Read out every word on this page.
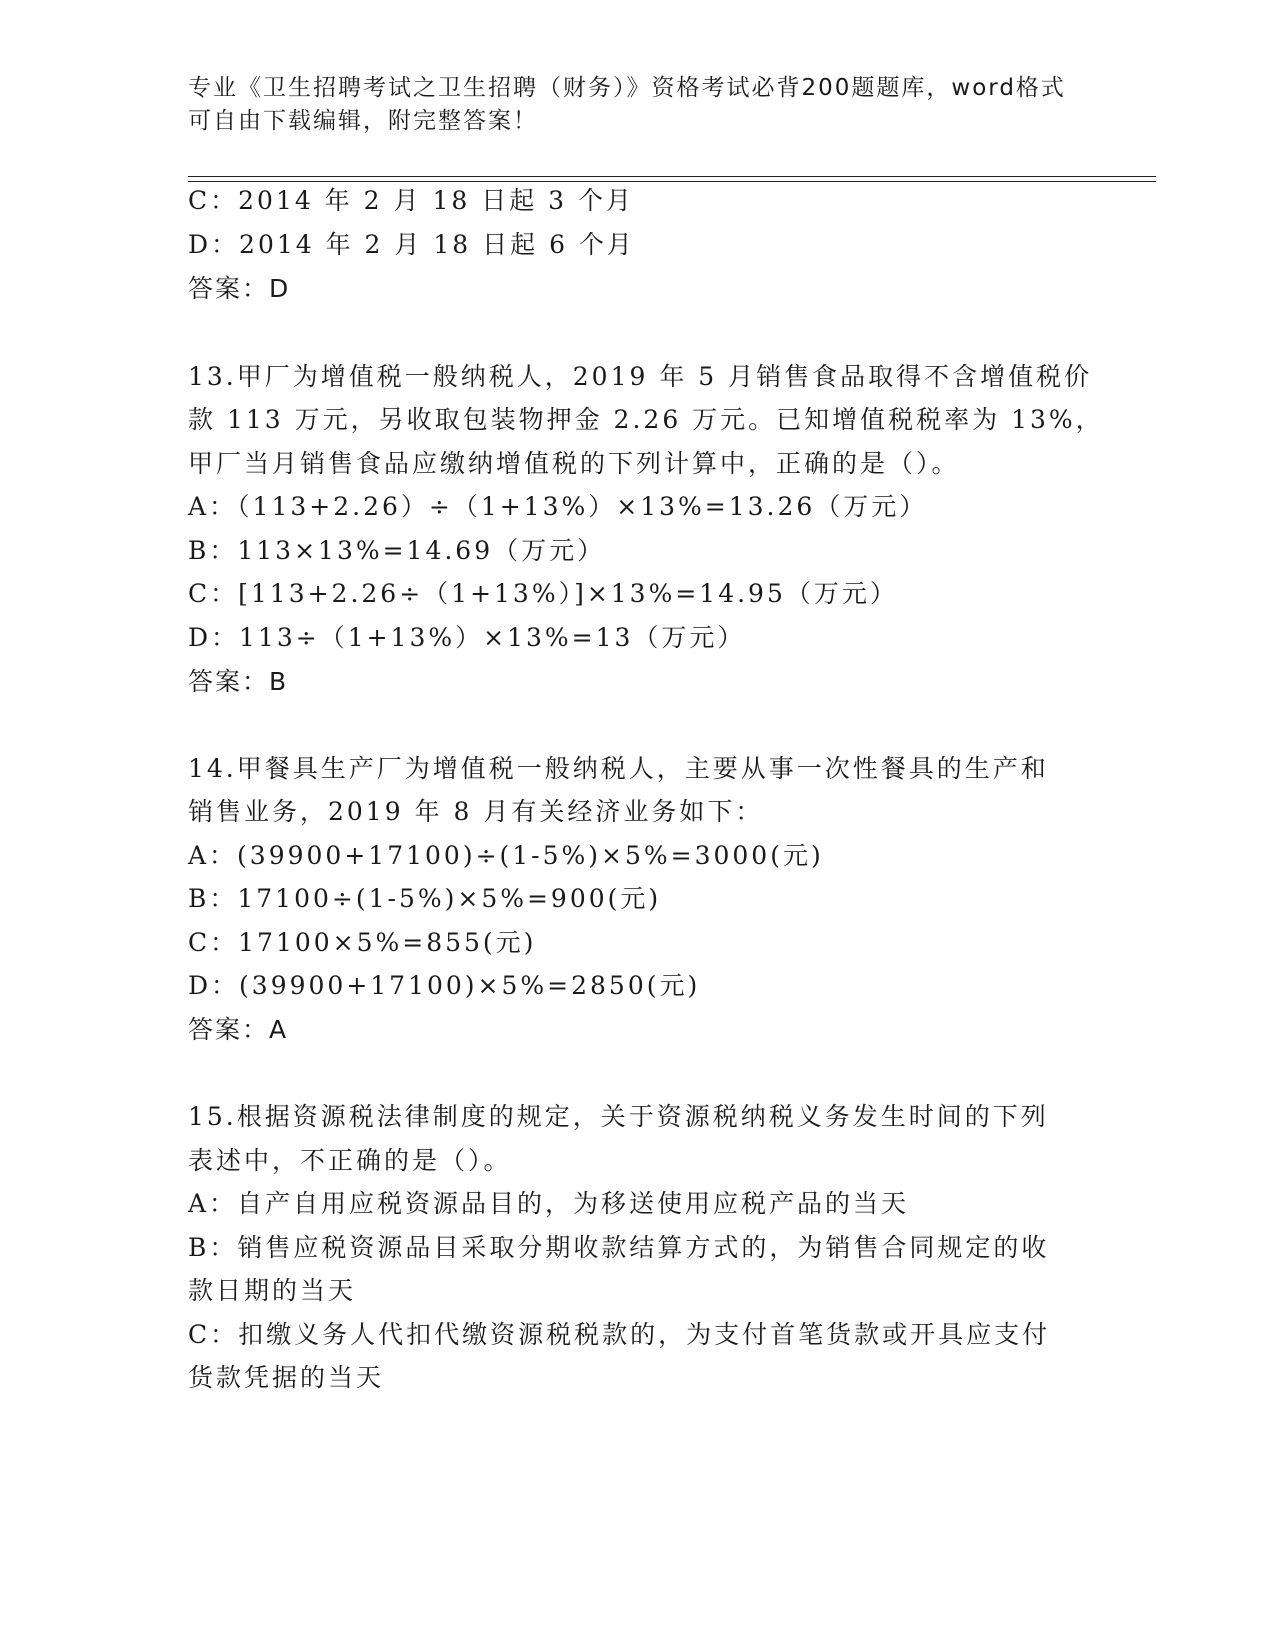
专业《卫生招聘考试之卫生招聘（财务）》资格考试必背200题题库，word格式
可自由下载编辑，附完整答案！
C：2014 年 2 月 18 日起 3 个月
D：2014 年 2 月 18 日起 6 个月
答案：D
13.甲厂为增值税一般纳税人，2019 年 5 月销售食品取得不含增值税价
款 113 万元，另收取包装物押金 2.26 万元。已知增值税税率为 13%，
甲厂当月销售食品应缴纳增值税的下列计算中，正确的是（）。
A：（113+2.26）÷（1+13%）×13%=13.26（万元）
B：113×13%=14.69（万元）
C：[113+2.26÷（1+13%）]×13%=14.95（万元）
D：113÷（1+13%）×13%=13（万元）
答案：B
14.甲餐具生产厂为增值税一般纳税人，主要从事一次性餐具的生产和
销售业务，2019 年 8 月有关经济业务如下：
A：(39900+17100)÷(1-5%)×5%=3000(元)
B：17100÷(1-5%)×5%=900(元)
C：17100×5%=855(元)
D：(39900+17100)×5%=2850(元)
答案：A
15.根据资源税法律制度的规定，关于资源税纳税义务发生时间的下列
表述中，不正确的是（）。
A：自产自用应税资源品目的，为移送使用应税产品的当天
B：销售应税资源品目采取分期收款结算方式的，为销售合同规定的收
款日期的当天
C：扣缴义务人代扣代缴资源税税款的，为支付首笔货款或开具应支付
货款凭据的当天
